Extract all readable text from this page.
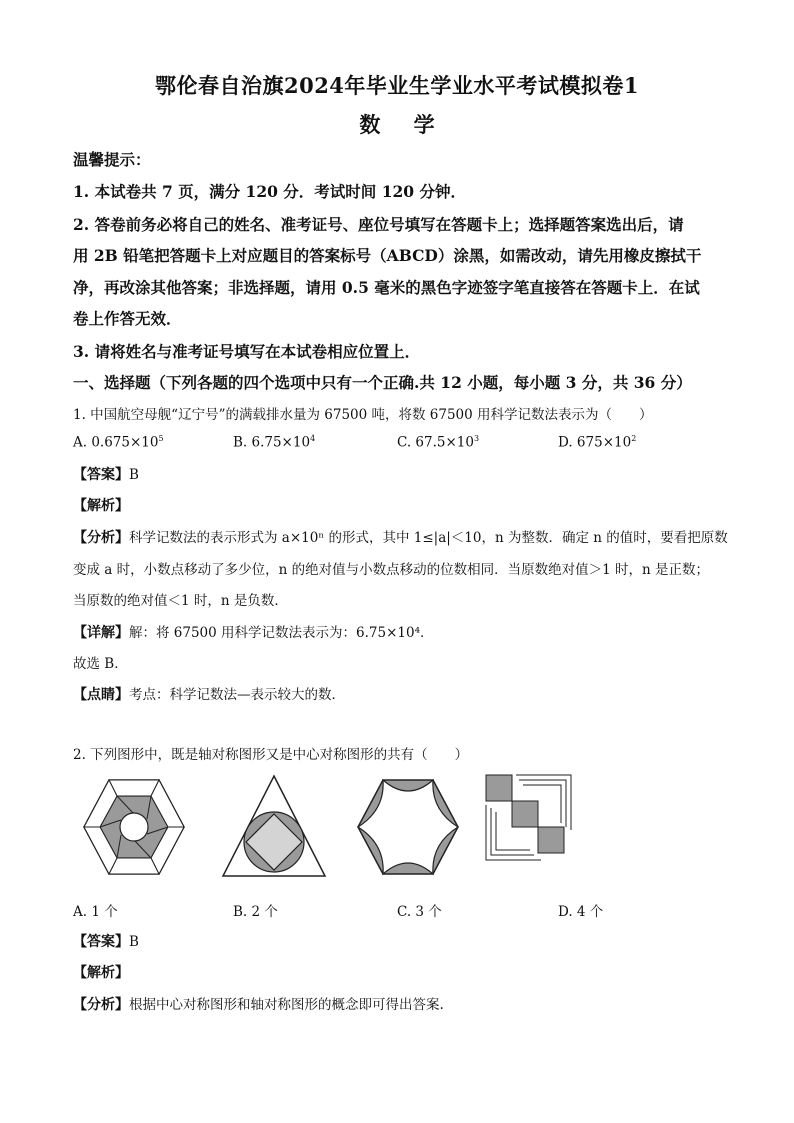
鄂伦春自治旗2024年毕业生学业水平考试模拟卷1
数 学
温馨提示：
1. 本试卷共 7 页，满分 120 分．考试时间 120 分钟．
2. 答卷前务必将自己的姓名、准考证号、座位号填写在答题卡上；选择题答案选出后，请
用 2B 铅笔把答题卡上对应题目的答案标号（ABCD）涂黑，如需改动，请先用橡皮擦拭干
净，再改涂其他答案；非选择题，请用 0.5 毫米的黑色字迹签字笔直接答在答题卡上．在试
卷上作答无效．
3. 请将姓名与准考证号填写在本试卷相应位置上．
一、选择题（下列各题的四个选项中只有一个正确.共 12 小题，每小题 3 分，共 36 分）
1. 中国航空母舰“辽宁号”的满载排水量为 67500 吨，将数 67500 用科学记数法表示为（　　）
A. $0.675\times 10^5$	B. $6.75\times 10^4$	C. $67.5\times 10^3$	D. $675\times 10^2$
【答案】B
【解析】
【分析】科学记数法的表示形式为 a×10ⁿ 的形式，其中 1≤|a|＜10，n 为整数．确定 n 的值时，要看把原数
变成 a 时，小数点移动了多少位，n 的绝对值与小数点移动的位数相同．当原数绝对值＞1 时，n 是正数；
当原数的绝对值＜1 时，n 是负数．
【详解】解：将 67500 用科学记数法表示为：6.75×10⁴．
故选 B．
【点睛】考点：科学记数法—表示较大的数．
2. 下列图形中，既是轴对称图形又是中心对称图形的共有（　　）
A. 1 个	B. 2 个	C. 3 个	D. 4 个
【答案】B
【解析】
【分析】根据中心对称图形和轴对称图形的概念即可得出答案.
